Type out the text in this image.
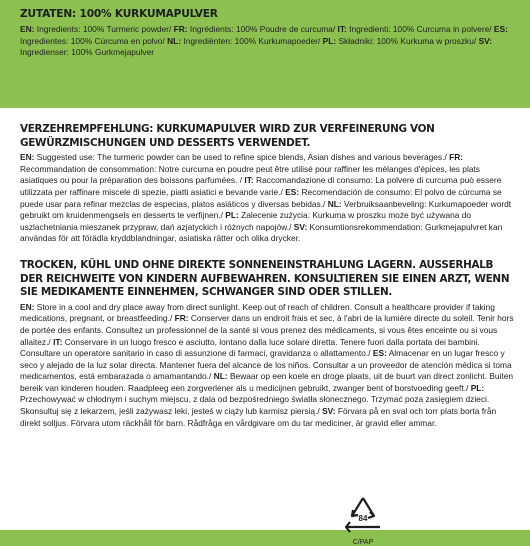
ZUTATEN: 100% KURKUMAPULVER

EN: Ingredients: 100% Turmeric powder/ FR: Ingrédients: 100% Poudre de curcuma/ IT: Ingredienti: 100% Curcuma in polvere/ ES: Ingredientes: 100% Cúrcuma en polvo/ NL: Ingrediënten: 100% Kurkumapoeder/ PL: Składniki: 100% Kurkuma w proszku/ SV: Ingredienser: 100% Gurkmejapulver

VERZEHREMPFEHLUNG: KURKUMAPULVER WIRD ZUR VERFEINERUNG VON GEWÜRZMISCHUNGEN UND DESSERTS VERWENDET.

EN: Suggested use: The turmeric powder can be used to refine spice blends, Asian dishes and various beverages./ FR: Recommandation de consommation: Notre curcuma en poudre peut être utilisé pour raffiner les mélanges d'épices, les plats asiatiques ou pour la préparation des boissons parfumées. / IT: Raccomandazione di consumo: La polvere di curcuma può essere utilizzata per raffinare miscele di spezie, piatti asiatici e bevande varie./ ES: Recomendación de consumo: El polvo de cúrcuma se puede usar para refinar mezclas de especias, platos asiáticos y diversas bebidas./ NL: Verbruiksaanbeveling: Kurkumapoeder wordt gebruikt om kruidenmengsels en desserts te verfijnen./ PL: Zalecenie zużycia: Kurkuma w proszku może być używana do uszlachetniania mieszanek przypraw, dań azjatyckich i różnych napojów./ SV: Konsumtionsrekommendation: Gurkmejapulvret kan användas för att förädla kryddblandningar, asiatiska rätter och olika drycker.

TROCKEN, KÜHL UND OHNE DIREKTE SONNENEINSTRAHLUNG LAGERN. AUSSERHALB DER REICHWEITE VON KINDERN AUFBEWAHREN. KONSULTIEREN SIE EINEN ARZT, WENN SIE MEDIKAMENTE EINNEHMEN, SCHWANGER SIND ODER STILLEN.

EN: Store in a cool and dry place away from direct sunlight. Keep out of reach of children. Consult a healthcare provider if taking medications, pregnant, or breastfeeding./ FR: Conserver dans un endroit frais et sec, à l'abri de la lumière directe du soleil. Tenir hors de portée des enfants. Consultez un professionnel de la santé si vous prenez des médicaments, si vous êtes enceinte ou si vous allaitez./ IT: Conservare in un luogo fresco e asciutto, lontano dalla luce solare diretta. Tenere fuori dalla portata dei bambini. Consultare un operatore sanitario in caso di assunzione di farmaci, gravidanza o allattamento./ ES: Almacenar en un lugar fresco y seco y alejado de la luz solar directa. Mantener fuera del alcance de los niños. Consultar a un proveedor de atención médica si toma medicamentos, está embarazada o amamantando./ NL: Bewaar op een koele en droge plaats, uit de buurt van direct zonlicht. Buiten bereik van kinderen houden. Raadpleeg een zorgverlener als u medicijnen gebruikt, zwanger bent of borstvoeding geeft./ PL: Przechowywać w chłodnym i suchym miejscu, z dala od bezpośredniego światła słonecznego. Trzymać poza zasięgiem dzieci. Skonsultuj się z lekarzem, jeśli zażywasz leki, jesteś w ciąży lub karmisz piersią./ SV: Förvara på en sval och torr plats borta från direkt solljus. Förvara utom räckhåll för barn. Rådfråga en vårdgivare om du tar mediciner, är gravid eller ammar.

84
C/PAP
